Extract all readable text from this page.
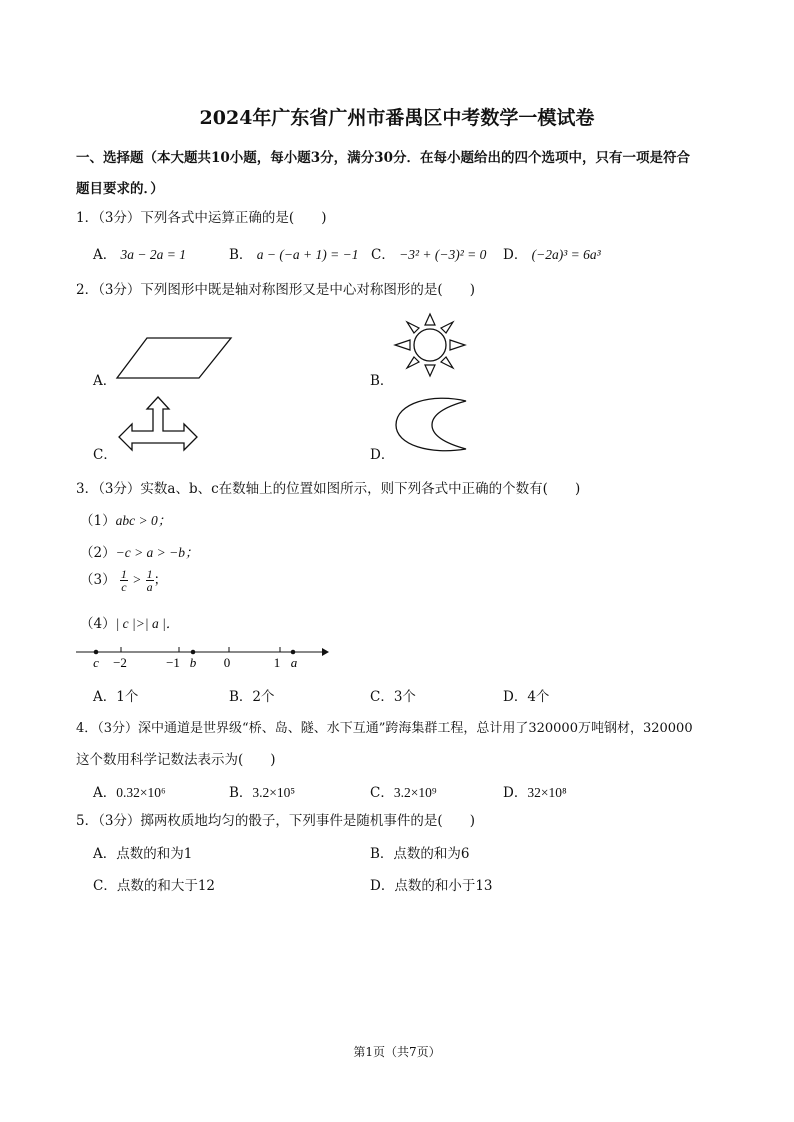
2024年广东省广州市番禺区中考数学一模试卷
一、选择题（本大题共10小题，每小题3分，满分30分．在每小题给出的四个选项中，只有一项是符合
题目要求的．）
1．（3分）下列各式中运算正确的是(　　)
A． 3a − 2a = 1	B． a − (−a + 1) = −1 C． −3² + (−3)² = 0 D． (−2a)³ = 6a³
2．（3分）下列图形中既是轴对称图形又是中心对称图形的是(　　)
A．	B．
C．	D．
3．（3分）实数a、b、c在数轴上的位置如图所示，则下列各式中正确的个数有(　　)
（1）abc > 0；
（2）−c > a > −b；
$(3) \frac{1}{c} > \frac{1}{a}$ ；
（4）| c |>| a |．
−2	−1	0	1
c	b	a
A．1个	B．2个	C．3个	D．4个
4．（3分）深中通道是世界级“桥、岛、隧、水下互通”跨海集群工程，总计用了320000万吨钢材，320000
这个数用科学记数法表示为(　　)
A．0.32×10⁶	B．3.2×10⁵	C．3.2×10⁹	D．32×10⁸
5．（3分）掷两枚质地均匀的骰子，下列事件是随机事件的是(　　)
A．点数的和为1	B．点数的和为6
C．点数的和大于12	D．点数的和小于13
第1页（共7页）
